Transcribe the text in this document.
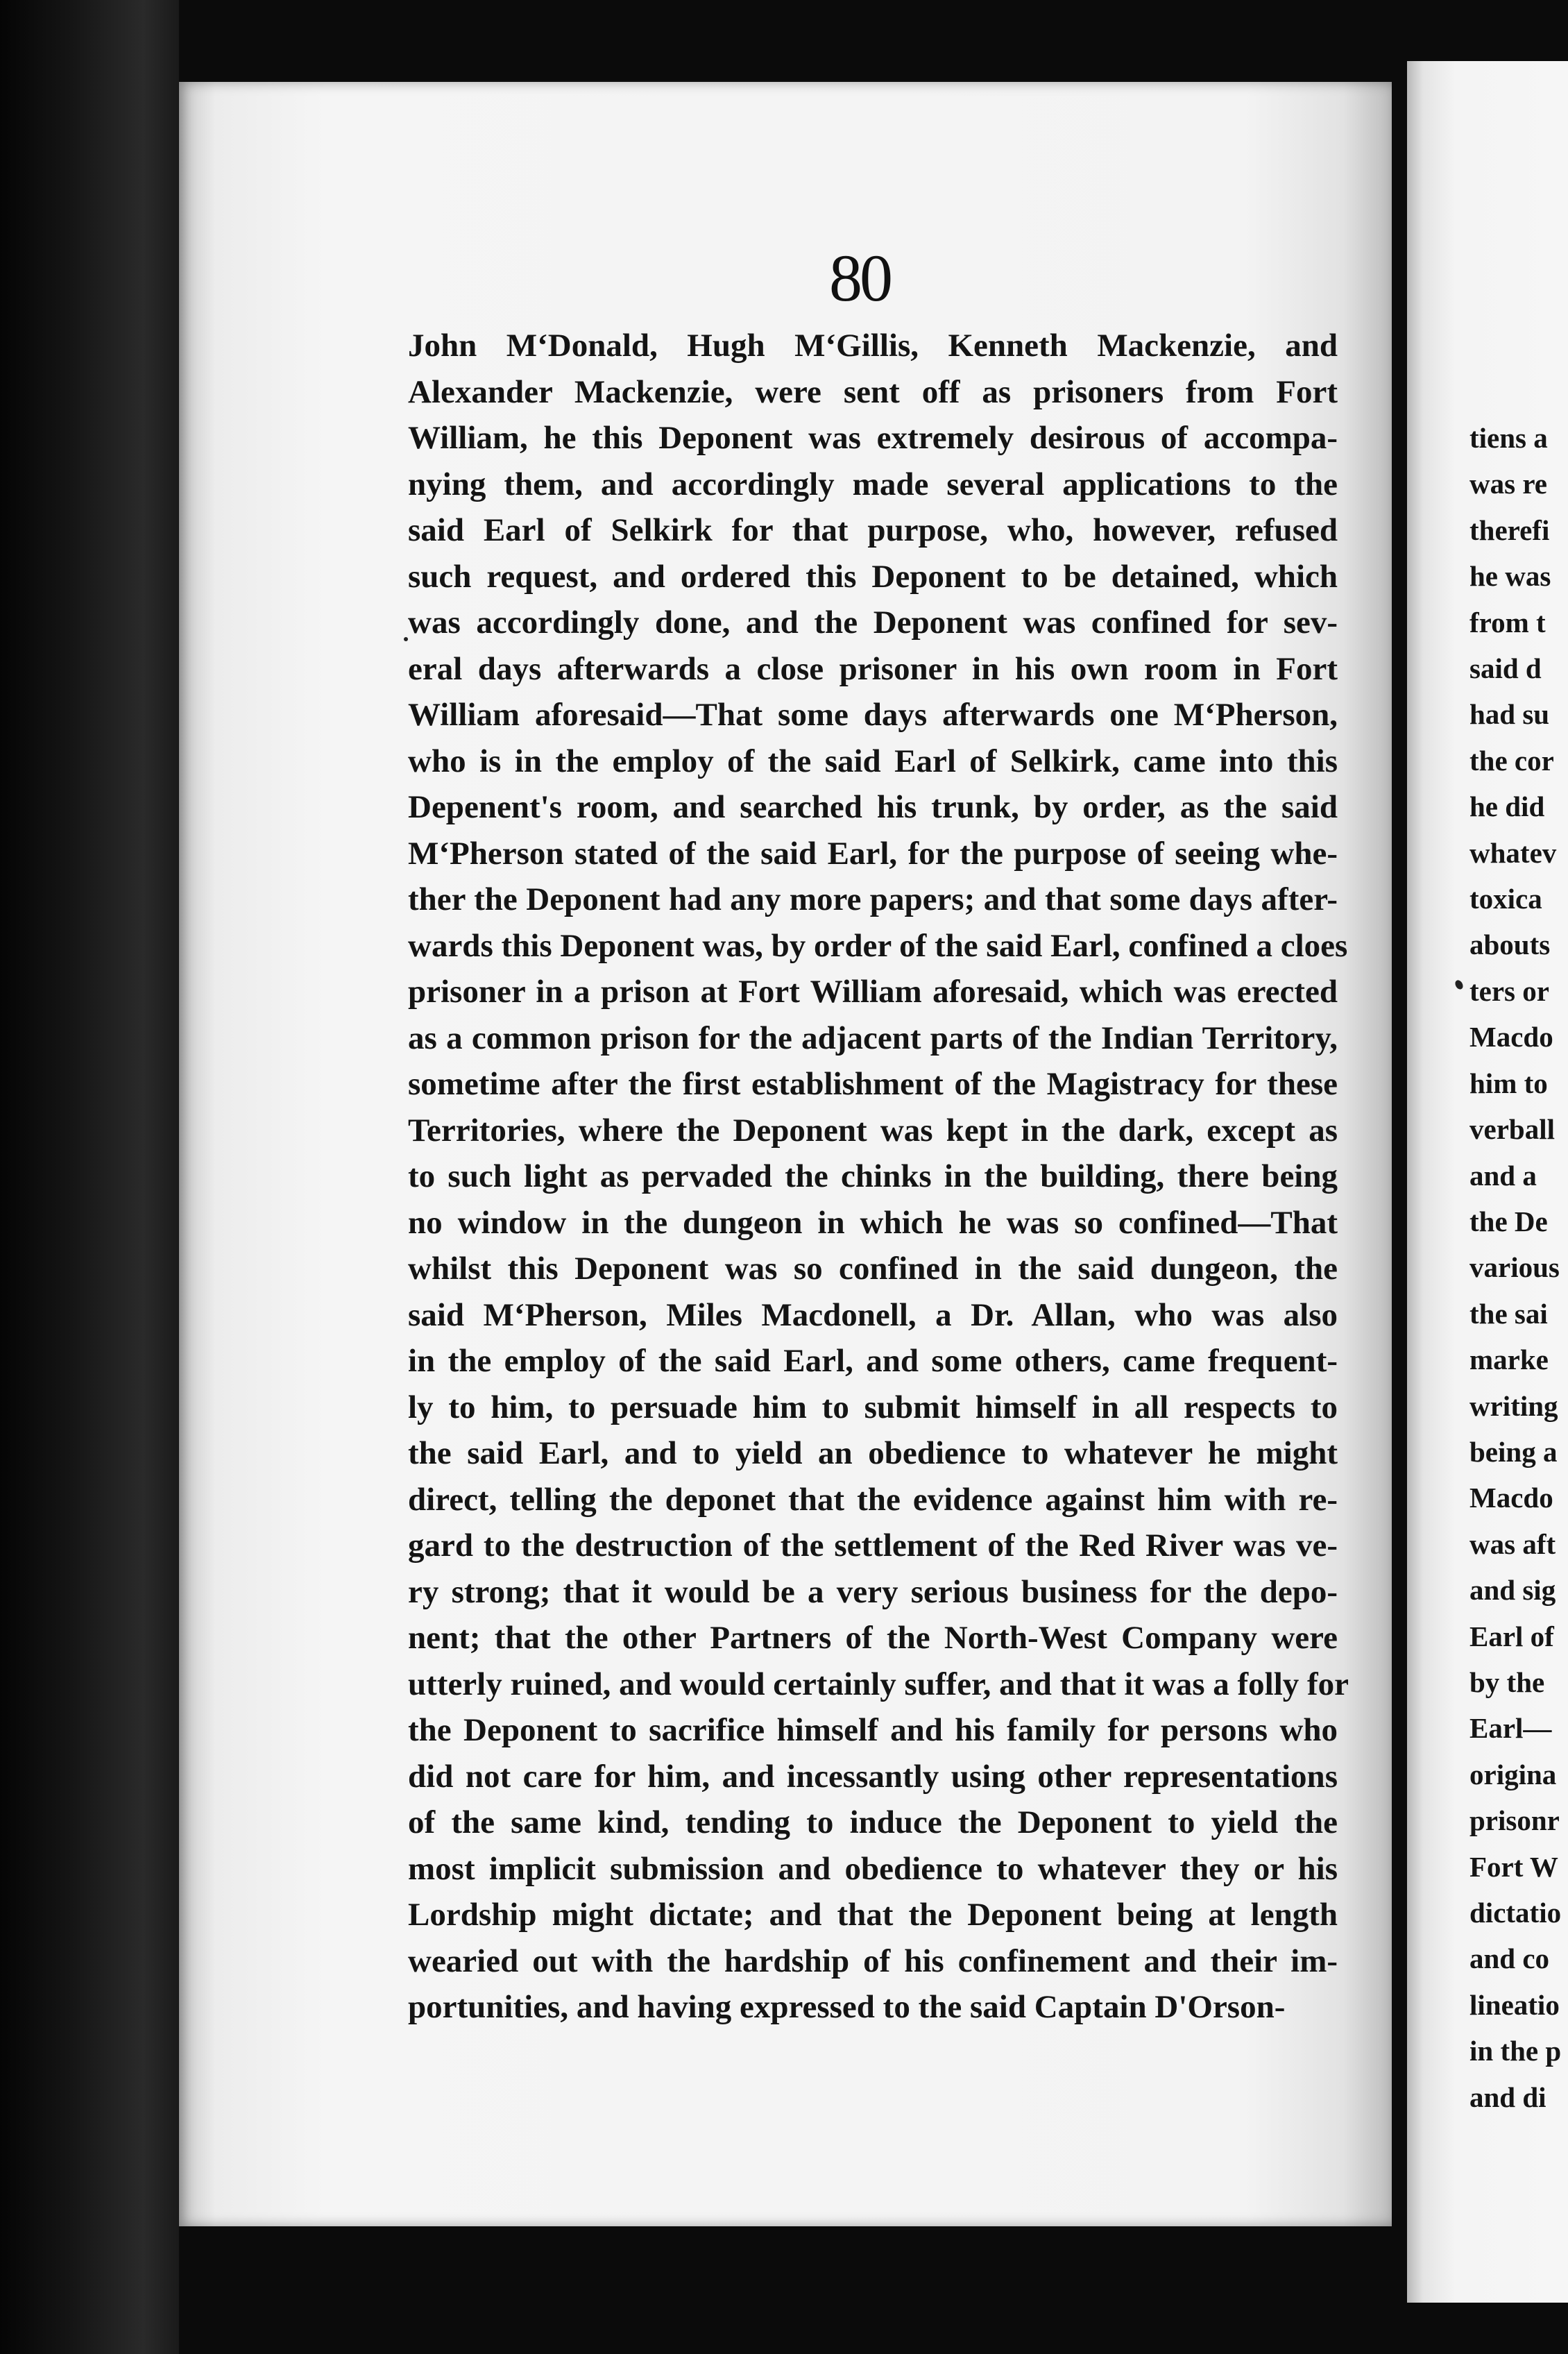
80
John M‘Donald, Hugh M‘Gillis, Kenneth Mackenzie, and
Alexander Mackenzie, were sent off as prisoners from Fort
William, he this Deponent was extremely desirous of accompa-
nying them, and accordingly made several applications to the
said Earl of Selkirk for that purpose, who, however, refused
such request, and ordered this Deponent to be detained, which
was accordingly done, and the Deponent was confined for sev-
eral days afterwards a close prisoner in his own room in Fort
William aforesaid—That some days afterwards one M‘Pherson,
who is in the employ of the said Earl of Selkirk, came into this
Depenent's room, and searched his trunk, by order, as the said
M‘Pherson stated of the said Earl, for the purpose of seeing whe-
ther the Deponent had any more papers; and that some days after-
wards this Deponent was, by order of the said Earl, confined a cloes
prisoner in a prison at Fort William aforesaid, which was erected
as a common prison for the adjacent parts of the Indian Territory,
sometime after the first establishment of the Magistracy for these
Territories, where the Deponent was kept in the dark, except as
to such light as pervaded the chinks in the building, there being
no window in the dungeon in which he was so confined—That
whilst this Deponent was so confined in the said dungeon, the
said M‘Pherson, Miles Macdonell, a Dr. Allan, who was also
in the employ of the said Earl, and some others, came frequent-
ly to him, to persuade him to submit himself in all respects to
the said Earl, and to yield an obedience to whatever he might
direct, telling the deponet that the evidence against him with re-
gard to the destruction of the settlement of the Red River was ve-
ry strong; that it would be a very serious business for the depo-
nent; that the other Partners of the North-West Company were
utterly ruined, and would certainly suffer, and that it was a folly for
the Deponent to sacrifice himself and his family for persons who
did not care for him, and incessantly using other representations
of the same kind, tending to induce the Deponent to yield the
most implicit submission and obedience to whatever they or his
Lordship might dictate; and that the Deponent being at length
wearied out with the hardship of his confinement and their im-
portunities, and having expressed to the said Captain D'Orson-
tiens a
was re
therefi
he was
from t
said d
had su
the cor
he did
whatev
toxica
abouts
ters or
Macdo
him to
verball
and a
the De
various
the sai
marke
writing
being a
Macdo
was aft
and sig
Earl of
by the
Earl—
origina
prisonr
Fort W
dictatio
and co
lineatio
in the p
and di
